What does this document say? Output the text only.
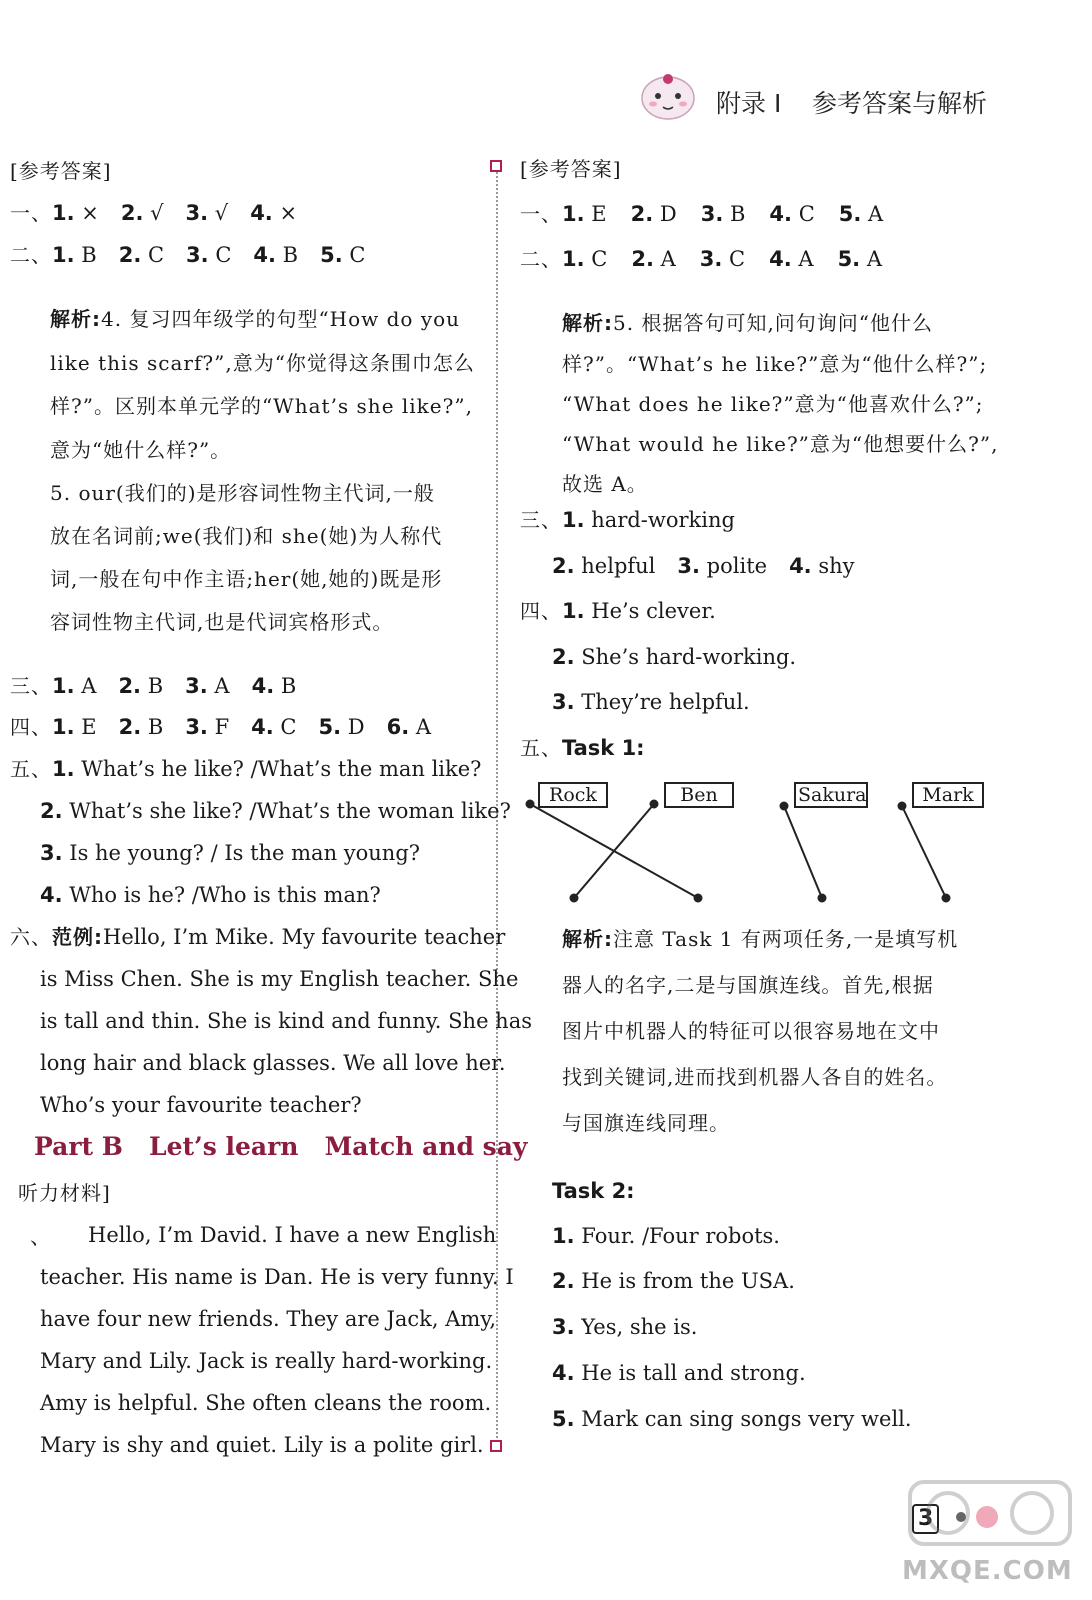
附录 I 参考答案与解析
[参考答案]
一、1. × 2. √ 3. √ 4. ×
二、1. B 2. C 3. C 4. B 5. C
解析:4. 复习四年级学的句型“How do you
like this scarf?”,意为“你觉得这条围巾怎么
样?”。区别本单元学的“What’s she like?”,
意为“她什么样?”。
5. our(我们的)是形容词性物主代词,一般
放在名词前;we(我们)和 she(她)为人称代
词,一般在句中作主语;her(她,她的)既是形
容词性物主代词,也是代词宾格形式。
三、1. A 2. B 3. A 4. B
四、1. E 2. B 3. F 4. C 5. D 6. A
五、1. What’s he like? /What’s the man like?
2. What’s she like? /What’s the woman like?
3. Is he young? / Is the man young?
4. Who is he? /Who is this man?
六、范例:Hello, I’m Mike. My favourite teacher
is Miss Chen. She is my English teacher. She
is tall and thin. She is kind and funny. She has
long hair and black glasses. We all love her.
Who’s your favourite teacher?
Part B   Let’s learn   Match and say
听力材料]
、 Hello, I’m David. I have a new English
teacher. His name is Dan. He is very funny. I
have four new friends. They are Jack, Amy,
Mary and Lily. Jack is really hard-working.
Amy is helpful. She often cleans the room.
Mary is shy and quiet. Lily is a polite girl.
[参考答案]
一、1. E 2. D 3. B 4. C 5. A
二、1. C 2. A 3. C 4. A 5. A
解析:5. 根据答句可知,问句询问“他什么
样?”。“What’s he like?”意为“他什么样?”;
“What does he like?”意为“他喜欢什么?”;
“What would he like?”意为“他想要什么?”,
故选 A。
三、1. hard-working
2. helpful 3. polite 4. shy
四、1. He’s clever.
2. She’s hard-working.
3. They’re helpful.
五、Task 1:
Rock	Ben	Sakura	Mark
解析:注意 Task 1 有两项任务,一是填写机
器人的名字,二是与国旗连线。首先,根据
图片中机器人的特征可以很容易地在文中
找到关键词,进而找到机器人各自的姓名。
与国旗连线同理。
Task 2:
1. Four. /Four robots.
2. He is from the USA.
3. Yes, she is.
4. He is tall and strong.
5. Mark can sing songs very well.
3
MXQE.COM
